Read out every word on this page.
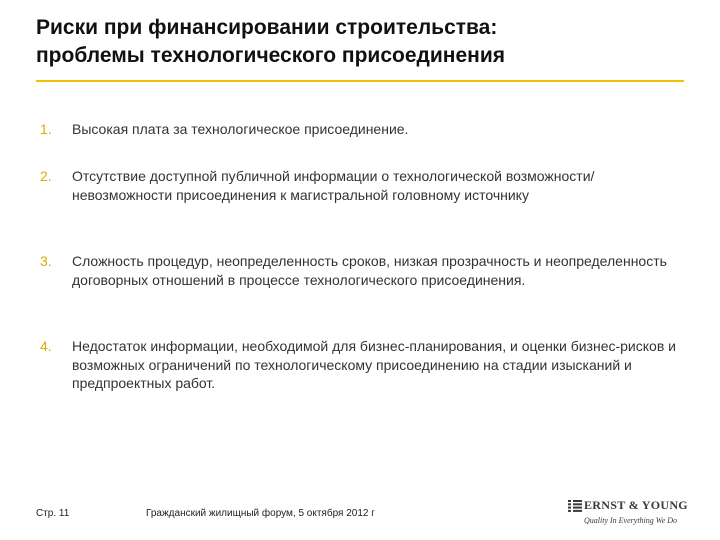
Риски при финансировании строительства:
проблемы технологического присоединения
1.	Высокая плата за технологическое присоединение.
2.	Отсутствие доступной публичной информации о технологической возможности/невозможности присоединения к магистральной головному источнику
3.	Сложность процедур, неопределенность сроков, низкая прозрачность и неопределенность договорных отношений в процессе технологического присоединения.
4.	Недостаток информации, необходимой для бизнес-планирования, и оценки бизнес-рисков и возможных ограничений по технологическому присоединению на стадии изысканий и предпроектных работ.
Стр. 11	Гражданский жилищный форум, 5 октября 2012 г
ERNST & YOUNG
Quality In Everything We Do
